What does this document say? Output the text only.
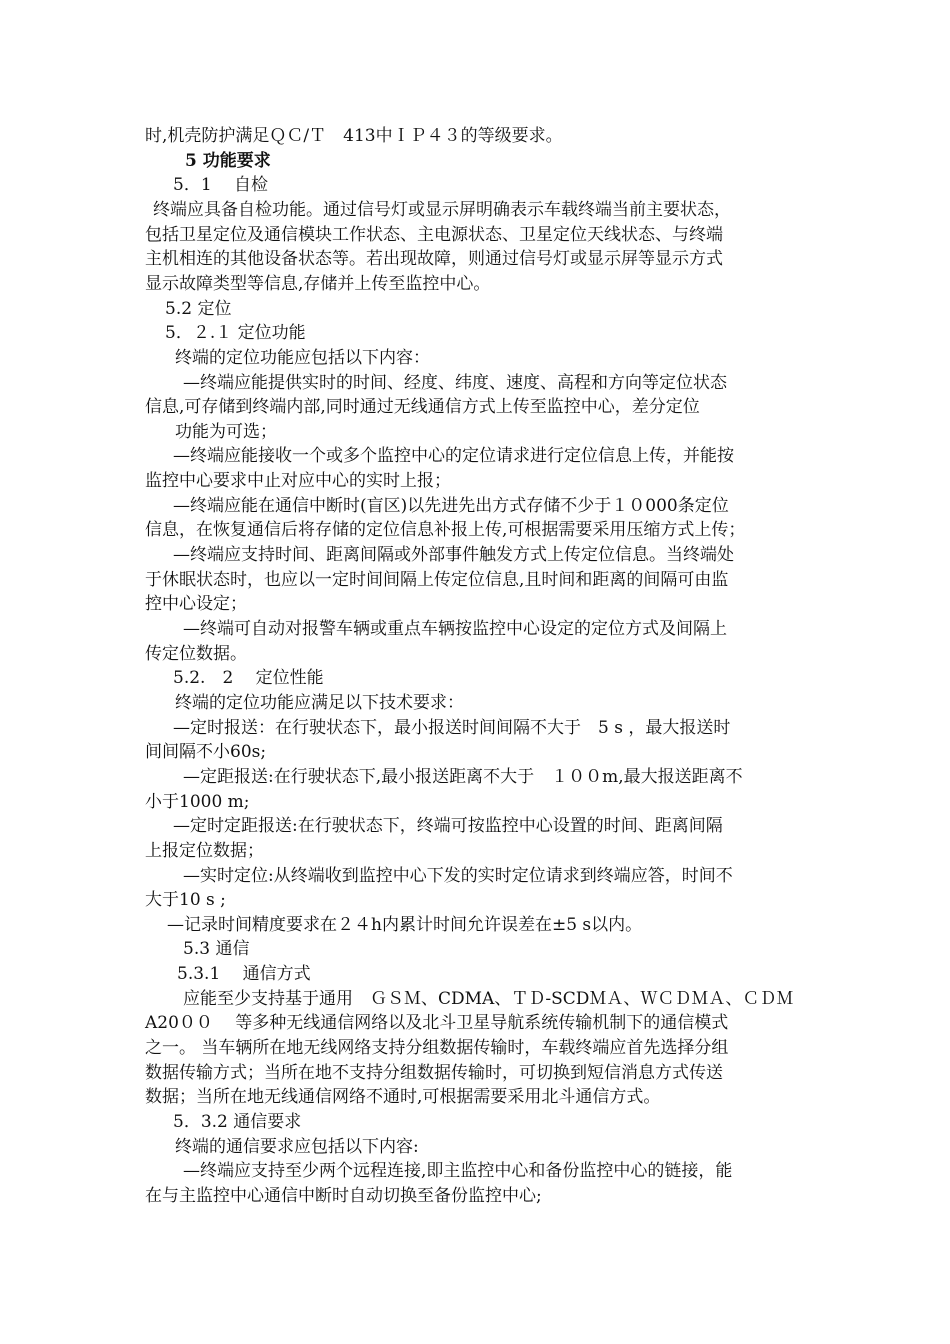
时,机壳防护满足ＱＣ/Ｔ　413中ＩＰ４３的等级要求。
5 功能要求
5．1　 自检
终端应具备自检功能。通过信号灯或显示屏明确表示车载终端当前主要状态，
包括卫星定位及通信模块工作状态、主电源状态、卫星定位天线状态、与终端
主机相连的其他设备状态等。若出现故障，则通过信号灯或显示屏等显示方式
显示故障类型等信息,存储并上传至监控中心。
5.2 定位
5．２.１ 定位功能
终端的定位功能应包括以下内容：
—终端应能提供实时的时间、经度、纬度、速度、高程和方向等定位状态
信息,可存储到终端内部,同时通过无线通信方式上传至监控中心，差分定位
功能为可选；
—终端应能接收一个或多个监控中心的定位请求进行定位信息上传，并能按
监控中心要求中止对应中心的实时上报；
—终端应能在通信中断时(盲区)以先进先出方式存储不少于１０000条定位
信息，在恢复通信后将存储的定位信息补报上传,可根据需要采用压缩方式上传；
—终端应支持时间、距离间隔或外部事件触发方式上传定位信息。当终端处
于休眠状态时，也应以一定时间间隔上传定位信息,且时间和距离的间隔可由监
控中心设定；
—终端可自动对报警车辆或重点车辆按监控中心设定的定位方式及间隔上
传定位数据。
5.2.　2　 定位性能
终端的定位功能应满足以下技术要求：
—定时报送：在行驶状态下，最小报送时间间隔不大于　5 s ，最大报送时
间间隔不小60s;
—定距报送:在行驶状态下,最小报送距离不大于　１００m,最大报送距离不
小于1000 m;
—定时定距报送:在行驶状态下，终端可按监控中心设置的时间、距离间隔
上报定位数据；
—实时定位:从终端收到监控中心下发的实时定位请求到终端应答，时间不
大于10 s ;
—记录时间精度要求在２４h内累计时间允许误差在±5 s以内。
5.3 通信
5.3.1　 通信方式
应能至少支持基于通用　ＧＳＭ、CDMA、ＴＤ-SCDＭＡ、ＷＣＤＭＡ、ＣＤＭ
A20００　 等多种无线通信网络以及北斗卫星导航系统传输机制下的通信模式
之一。 当车辆所在地无线网络支持分组数据传输时，车载终端应首先选择分组
数据传输方式；当所在地不支持分组数据传输时，可切换到短信消息方式传送
数据；当所在地无线通信网络不通时,可根据需要采用北斗通信方式。
5．3.2 通信要求
终端的通信要求应包括以下内容:
—终端应支持至少两个远程连接,即主监控中心和备份监控中心的链接，能
在与主监控中心通信中断时自动切换至备份监控中心;
